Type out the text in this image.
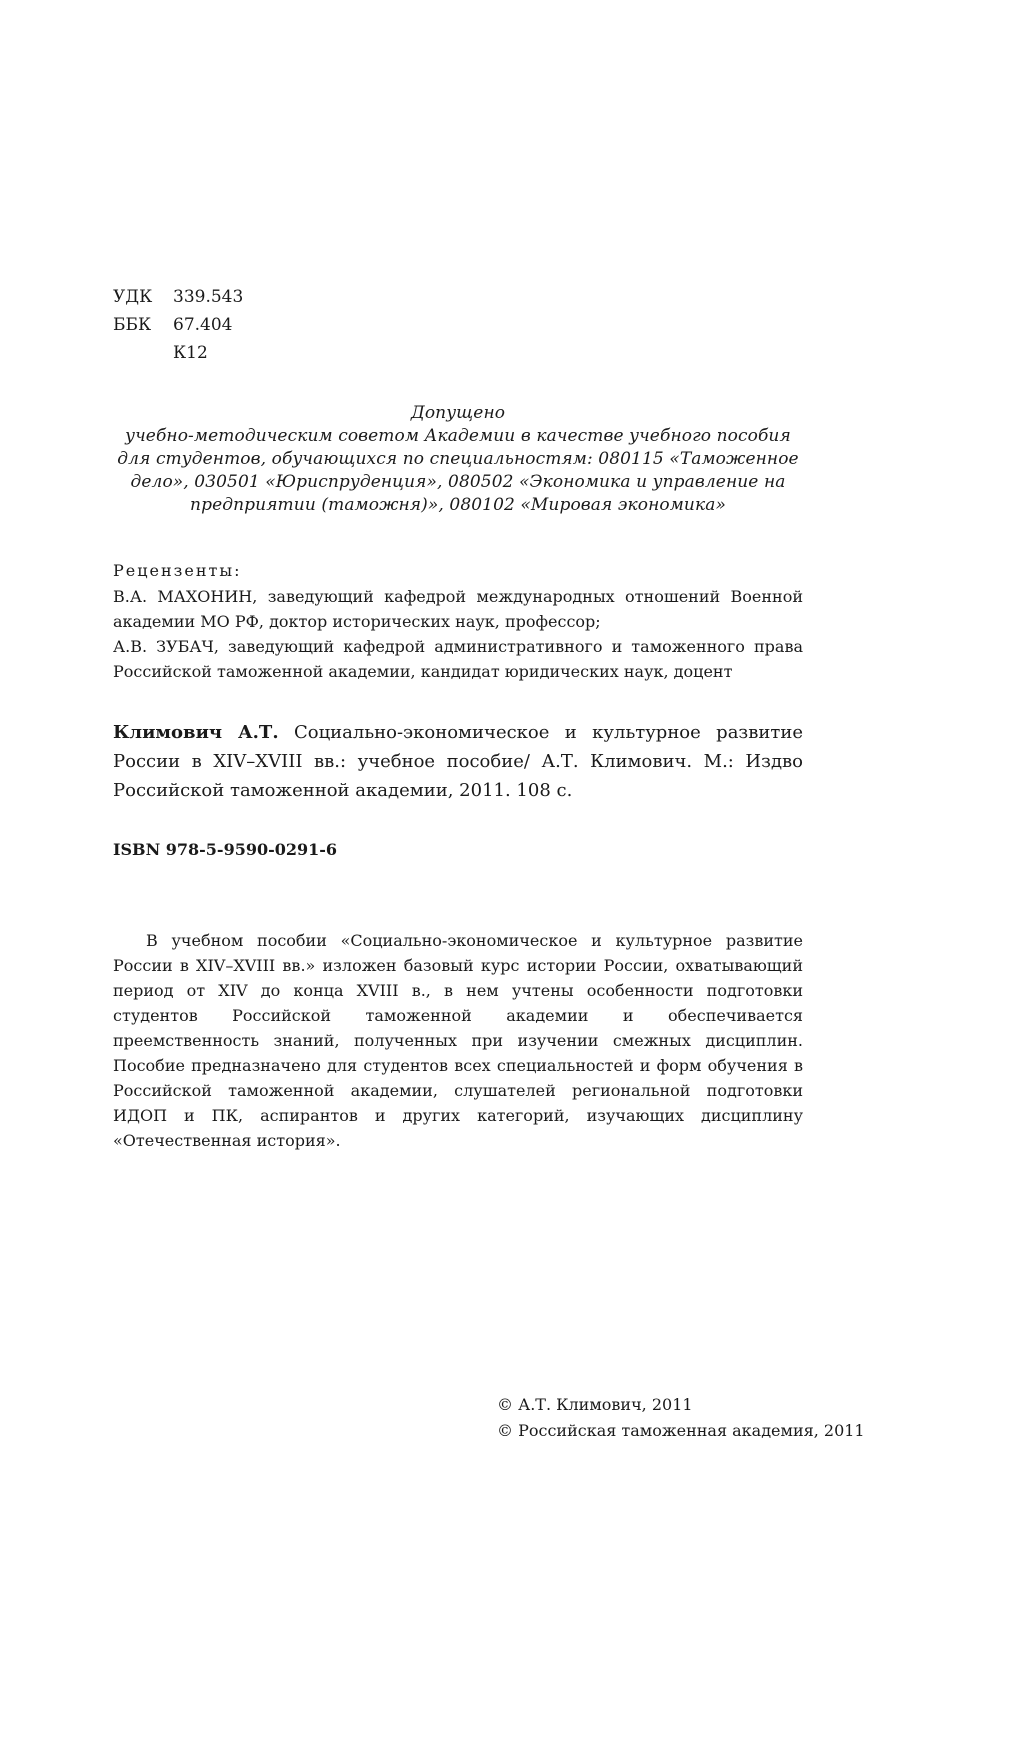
УДК	339.543
ББК	67.404
К12
Допущено
учебно-методическим советом Академии в качестве учебного пособия
для студентов, обучающихся по специальностям: 080115 «Таможенное
дело», 030501 «Юриспруденция», 080502 «Экономика и управление на
предприятии (таможня)», 080102 «Мировая экономика»
Рецензенты:

В.А. МАХОНИН, заведующий кафедрой международных отношений Военной академии МО РФ, доктор исторических наук, профессор;

А.В. ЗУБАЧ, заведующий кафедрой административного и таможенного права Российской таможенной академии, кандидат юридических наук, доцент

Климович А.Т. Социально-экономическое и культурное развитие России в XIV–XVIII вв.: учебное пособие/ А.Т. Климович. М.: Издво Российской таможенной академии, 2011. 108 с.
ISBN 978-5-9590-0291-6

В учебном пособии «Социально-экономическое и культурное развитие России в XIV–XVIII вв.» изложен базовый курс истории России, охватывающий период от XIV до конца XVIII в., в нем учтены особенности подготовки студентов Российской таможенной академии и обеспечивается преемственность знаний, полученных при изучении смежных дисциплин. Пособие предназначено для студентов всех специальностей и форм обучения в Российской таможенной академии, слушателей региональной подготовки ИДОП и ПК, аспирантов и других категорий, изучающих дисциплину «Отечественная история».

© А.Т. Климович, 2011
© Российская таможенная академия, 2011
